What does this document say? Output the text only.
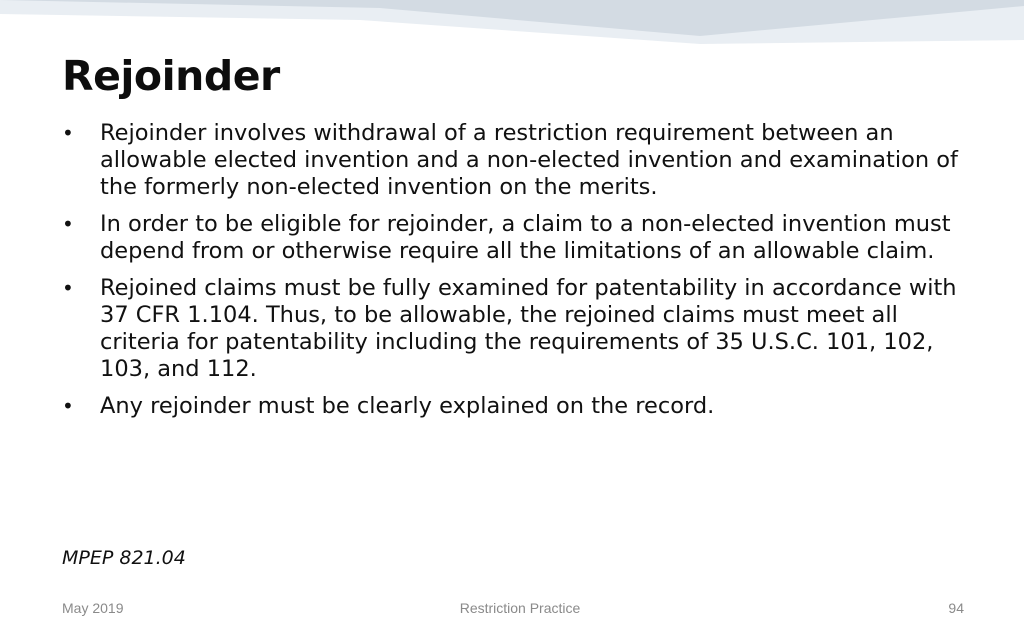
Rejoinder
•	Rejoinder involves withdrawal of a restriction requirement between an allowable elected invention and a non-elected invention and examination of the formerly non-elected invention on the merits.
•	In order to be eligible for rejoinder, a claim to a non-elected invention must depend from or otherwise require all the limitations of an allowable claim.
•	Rejoined claims must be fully examined for patentability in accordance with 37 CFR 1.104. Thus, to be allowable, the rejoined claims must meet all criteria for patentability including the requirements of 35 U.S.C. 101, 102, 103, and 112.
•	Any rejoinder must be clearly explained on the record.
MPEP 821.04
May 2019	Restriction Practice	94
